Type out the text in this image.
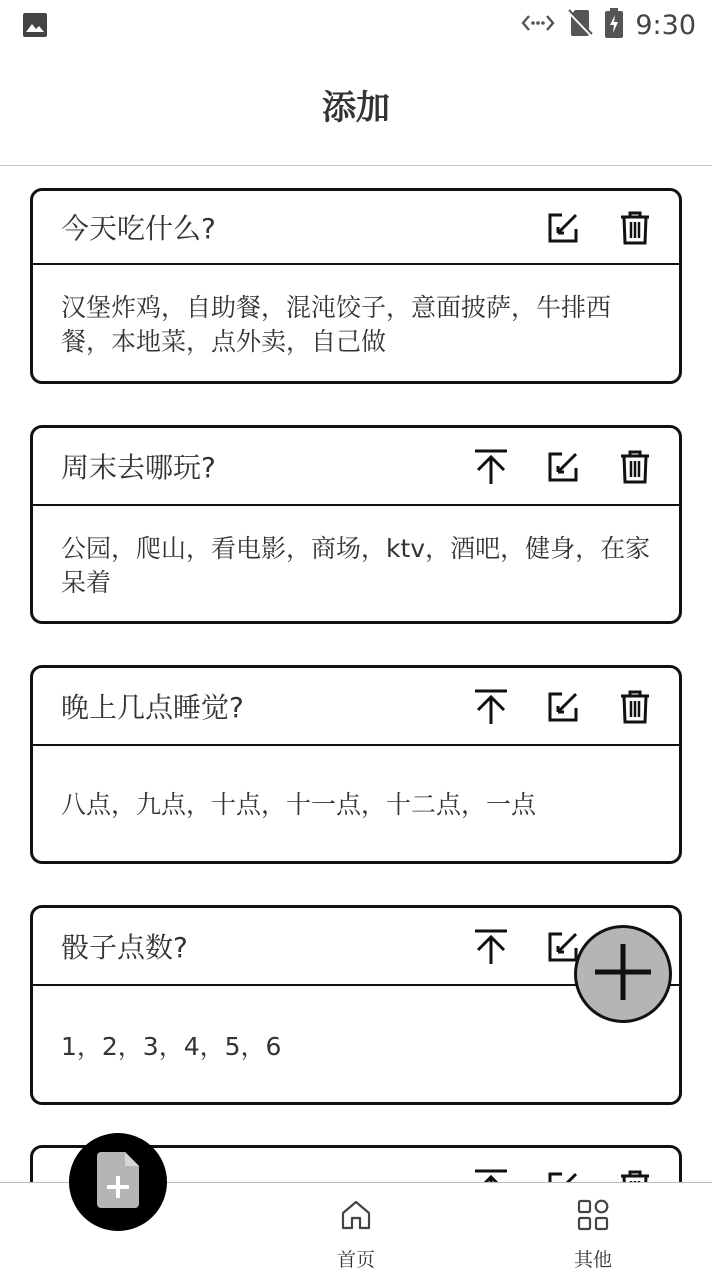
9:30
添加
今天吃什么?
汉堡炸鸡，自助餐，混沌饺子，意面披萨，牛排西餐，本地菜，点外卖，自己做
周末去哪玩?
公园，爬山，看电影，商场，ktv，酒吧，健身，在家呆着
晚上几点睡觉?
八点，九点，十点，十一点，十二点，一点
骰子点数?
1，2，3，4，5，6
首页	其他
